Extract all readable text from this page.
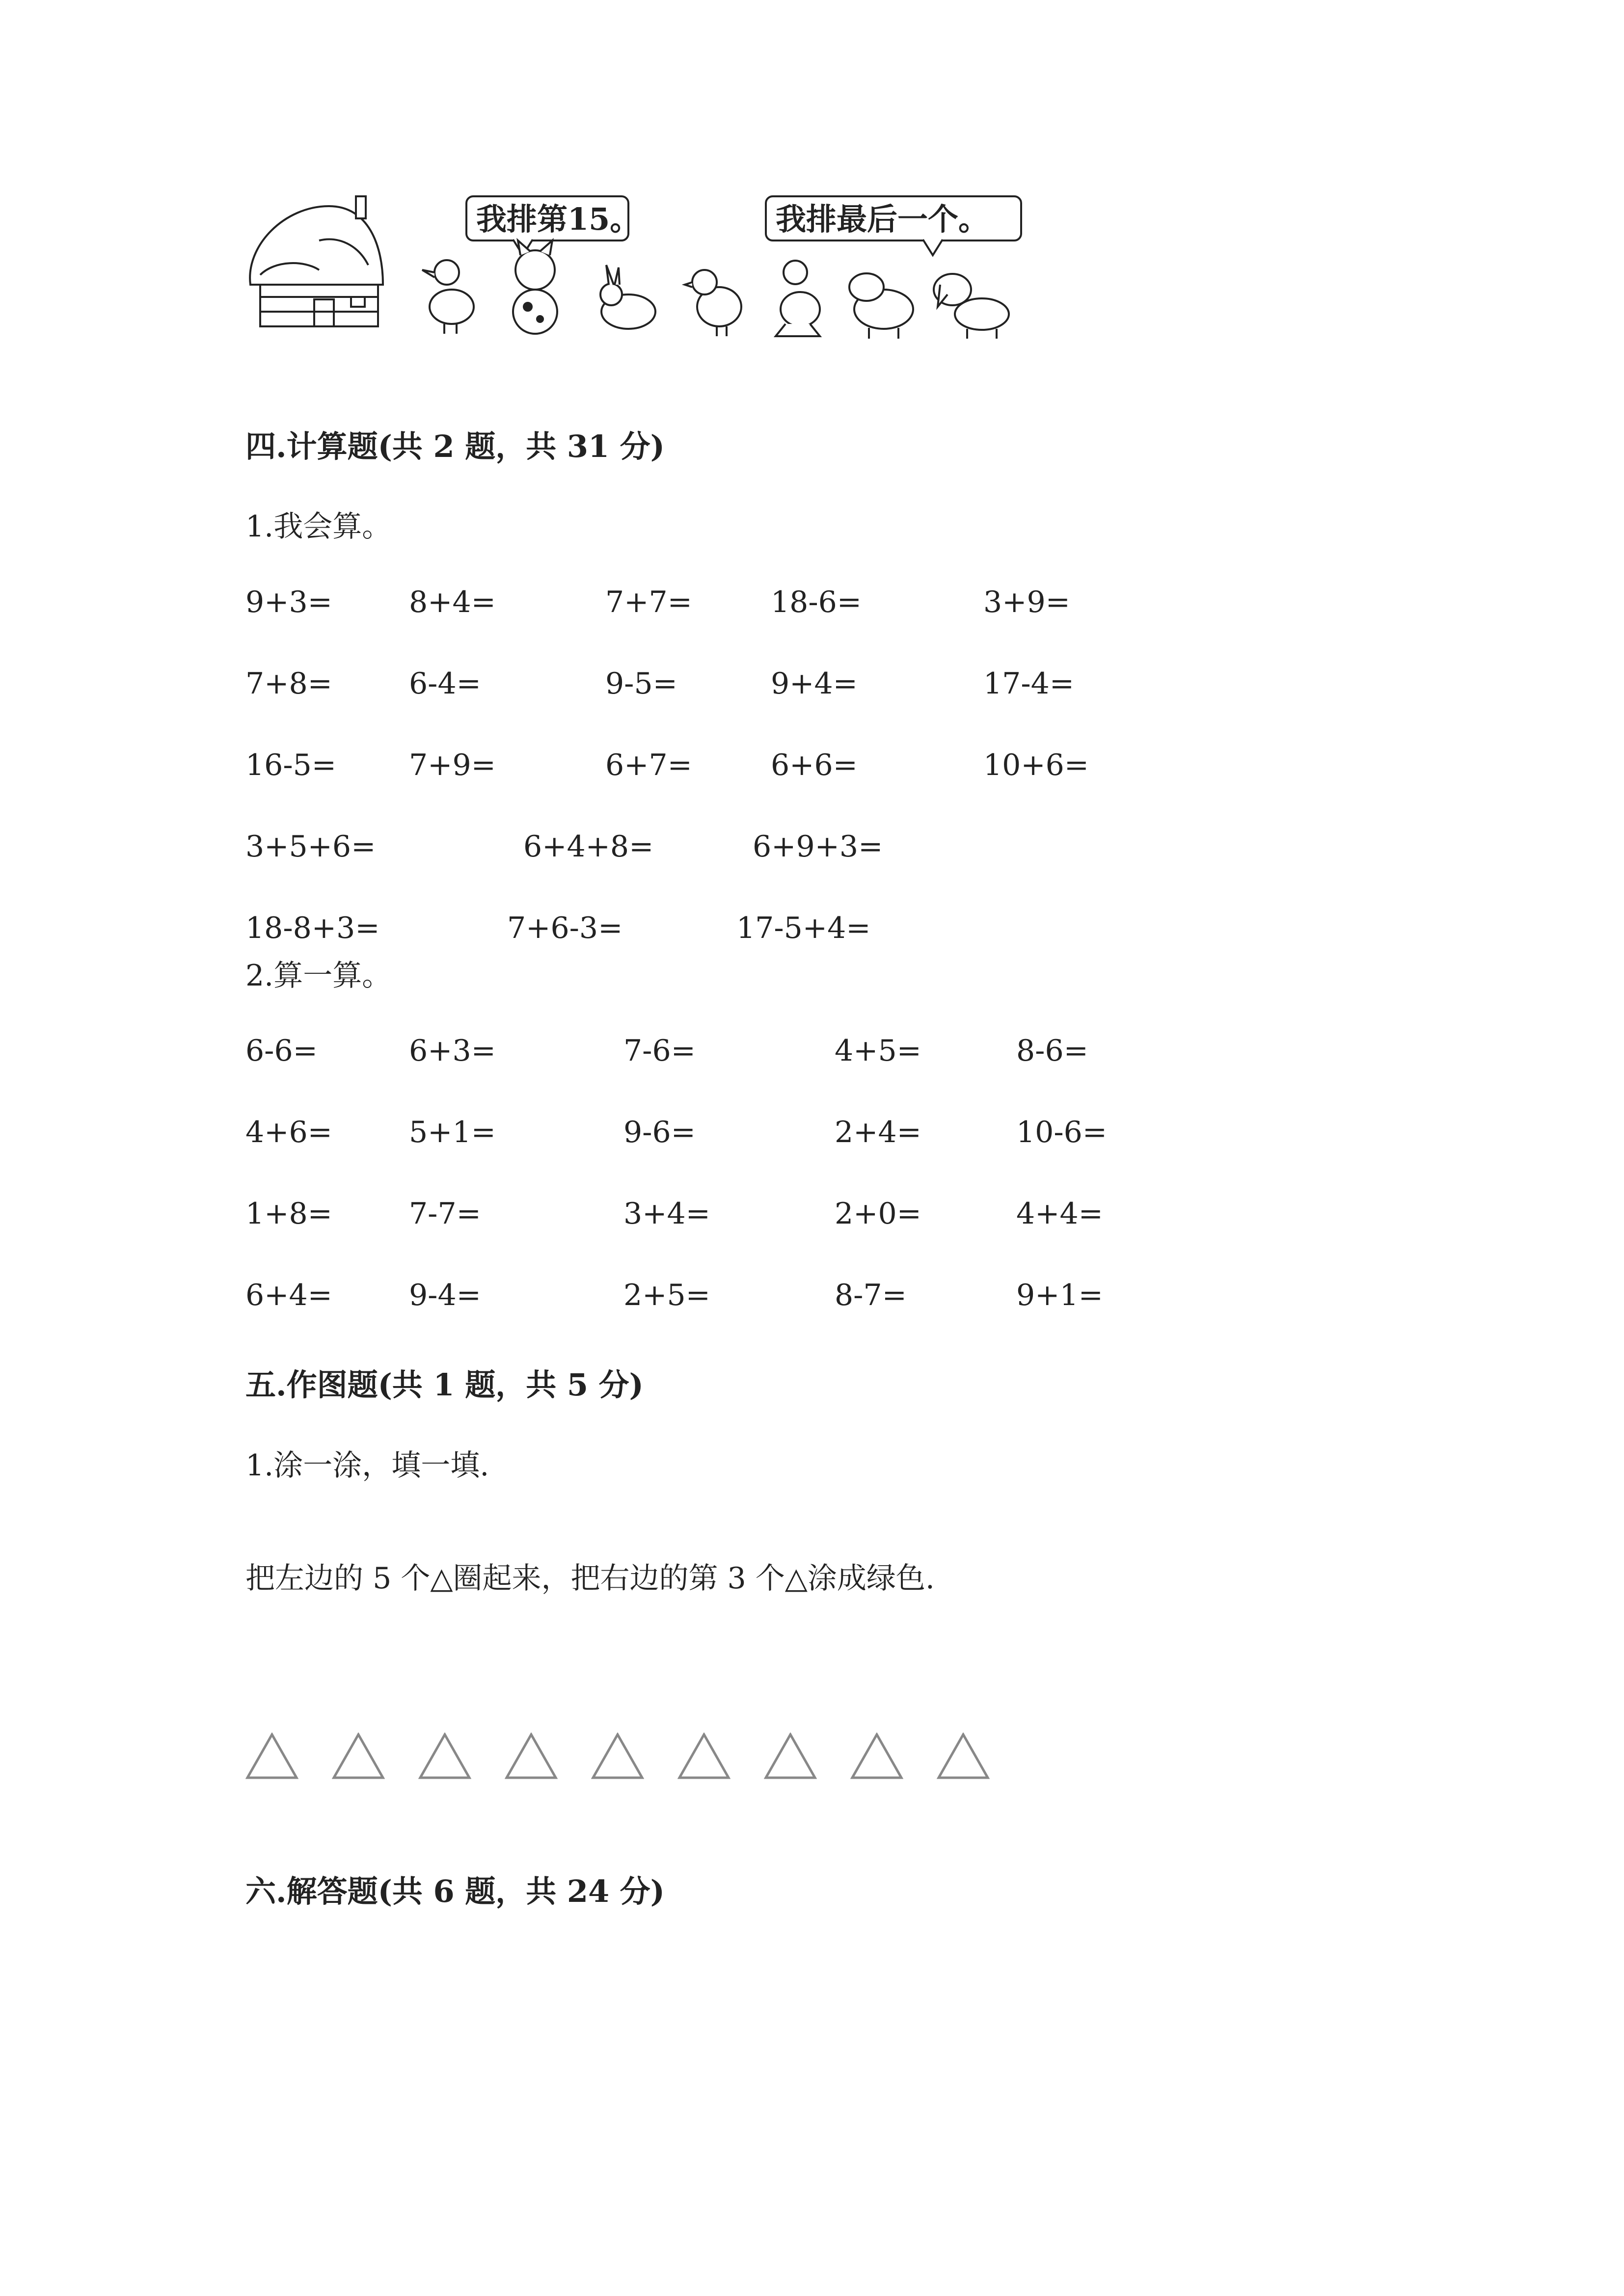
我排第15。	我排最后一个。
四.计算题(共 2 题，共 31 分)
1.我会算。
9+3=	8+4=	7+7=	18-6=	3+9=
7+8=	6-4=	9-5=	9+4=	17-4=
16-5= 7+9=	6+7=	6+6=	10+6=
3+5+6=	6+4+8=	6+9+3=
18-8+3=	7+6-3=	17-5+4=
2.算一算。
6-6=	6+3=	7-6=	4+5=	8-6=
4+6=	5+1=	9-6=	2+4=	10-6=
1+8=	7-7=	3+4=	2+0=	4+4=
6+4=	9-4=	2+5=	8-7=	9+1=
五.作图题(共 1 题，共 5 分)
1.涂一涂，填一填.
把左边的 5 个△圈起来，把右边的第 3 个△涂成绿色.
六.解答题(共 6 题，共 24 分)
